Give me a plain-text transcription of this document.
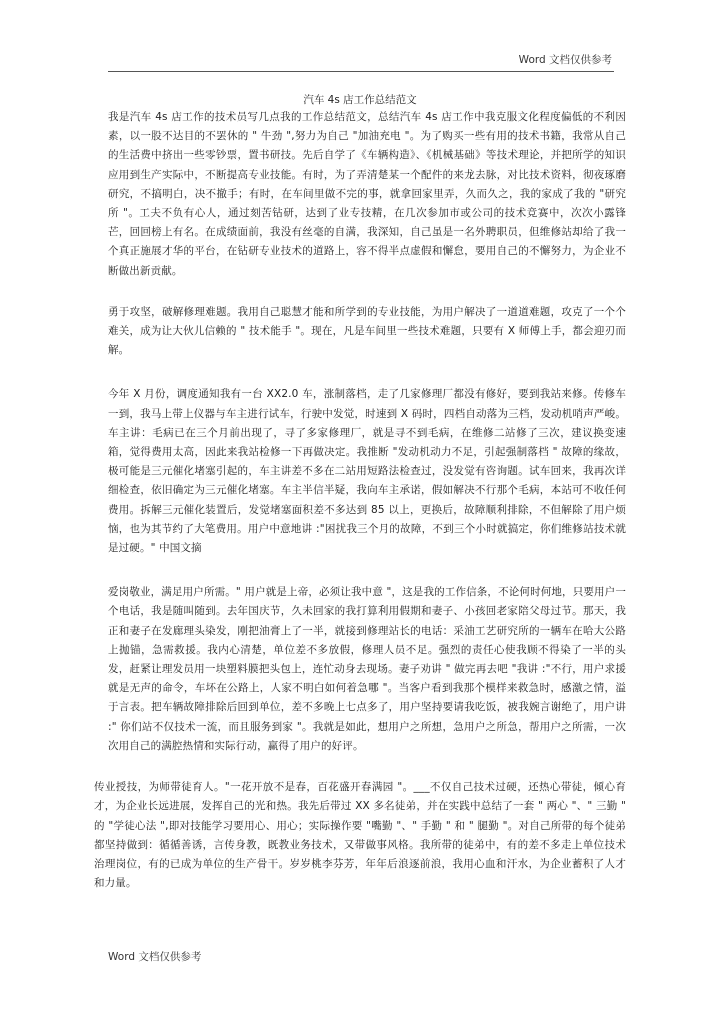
Word 文档仅供参考
汽车 4s 店工作总结范文

我是汽车 4s 店工作的技术员写几点我的工作总结范文，总结汽车 4s 店工作中我克服文化程度偏低的不利因素，以一股不达目的不罢休的 " 牛劲 ",努力为自己 "加油充电 "。为了购买一些有用的技术书籍，我常从自己的生活费中挤出一些零钞票，置书研技。先后自学了《车辆构造》、《机械基础》等技术理论，并把所学的知识应用到生产实际中，不断提高专业技能。有时，为了弄清楚某一个配件的来龙去脉，对比技术资料，彻夜琢磨研究，不搞明白，决不撤手；有时，在车间里做不完的事，就拿回家里弄，久而久之，我的家成了我的 "研究所 "。工夫不负有心人，通过刻苦钻研，达到了业专技精，在几次参加市或公司的技术竞赛中，次次小露锋芒，回回榜上有名。在成绩面前，我没有丝毫的自满，我深知，自己虽是一名外聘职员，但维修站却给了我一个真正施展才华的平台，在钻研专业技术的道路上，容不得半点虚假和懈怠，要用自己的不懈努力，为企业不断做出新贡献。

勇于攻坚，破解修理难题。我用自己聪慧才能和所学到的专业技能，为用户解决了一道道难题，攻克了一个个难关，成为让大伙儿信赖的 " 技术能手 "。现在，凡是车间里一些技术难题，只要有 X 师傅上手，都会迎刃而解。

今年 X 月份，调度通知我有一台 XX2.0 车，涨制落档，走了几家修理厂都没有修好，要到我站来修。传修车一到，我马上带上仪器与车主进行试车，行驶中发觉，时速到 X 码时，四档自动落为三档，发动机哨声严峻。车主讲：毛病已在三个月前出现了，寻了多家修理厂，就是寻不到毛病，在维修二站修了三次，建议换变速箱，觉得费用太高，因此来我站检修一下再做决定。我推断 "发动机动力不足，引起强制落档 " 故障的缘故，极可能是三元催化堵塞引起的，车主讲差不多在二站用短路法检查过，没发觉有咨询题。试车回来，我再次详细检查，依旧确定为三元催化堵塞。车主半信半疑，我向车主承诺，假如解决不行那个毛病，本站可不收任何费用。拆解三元催化装置后，发觉堵塞面积差不多达到 85 以上，更换后，故障顺利排除，不但解除了用户烦恼，也为其节约了大笔费用。用户中意地讲 :"困扰我三个月的故障，不到三个小时就搞定，你们维修站技术就是过硬。" 中国文摘

爱岗敬业，满足用户所需。" 用户就是上帝，必须让我中意 "，这是我的工作信条，不论何时何地，只要用户一个电话，我是随叫随到。去年国庆节，久未回家的我打算利用假期和妻子、小孩回老家陪父母过节。那天，我正和妻子在发廊理头染发，刚把油膏上了一半，就接到修理站长的电话：采油工艺研究所的一辆车在哈大公路上抛锚，急需救援。我内心清楚，单位差不多放假，修理人员不足。强烈的责任心使我顾不得染了一半的头发，赶紧让理发员用一块塑料膜把头包上，连忙动身去现场。妻子劝讲 " 做完再去吧 "我讲 :"不行，用户求援就是无声的命令，车坏在公路上，人家不明白如何着急哪 "。当客户看到我那个模样来救急时，感激之情，溢于言表。把车辆故障排除后回到单位，差不多晚上七点多了，用户坚持要请我吃饭，被我婉言谢绝了，用户讲 :" 你们站不仅技术一流，而且服务到家 "。我就是如此，想用户之所想，急用户之所急，帮用户之所需，一次次用自己的满腔热情和实际行动，赢得了用户的好评。

传业授技，为师带徒育人。"一花开放不是春，百花盛开春满园 "。___不仅自己技术过硬，还热心带徒，倾心育才，为企业长远进展，发挥自己的光和热。我先后带过 XX 多名徒弟，并在实践中总结了一套 " 两心 "、" 三勤 " 的 "学徒心法 ",即对技能学习要用心、用心；实际操作要 "嘴勤 "、" 手勤 " 和 " 腿勤 "。对自己所带的每个徒弟都坚持做到：循循善诱，言传身教，既教业务技术，又带做事风格。我所带的徒弟中，有的差不多走上单位技术治理岗位，有的已成为单位的生产骨干。岁岁桃李芬芳，年年后浪逐前浪，我用心血和汗水，为企业蓄积了人才和力量。

Word 文档仅供参考
